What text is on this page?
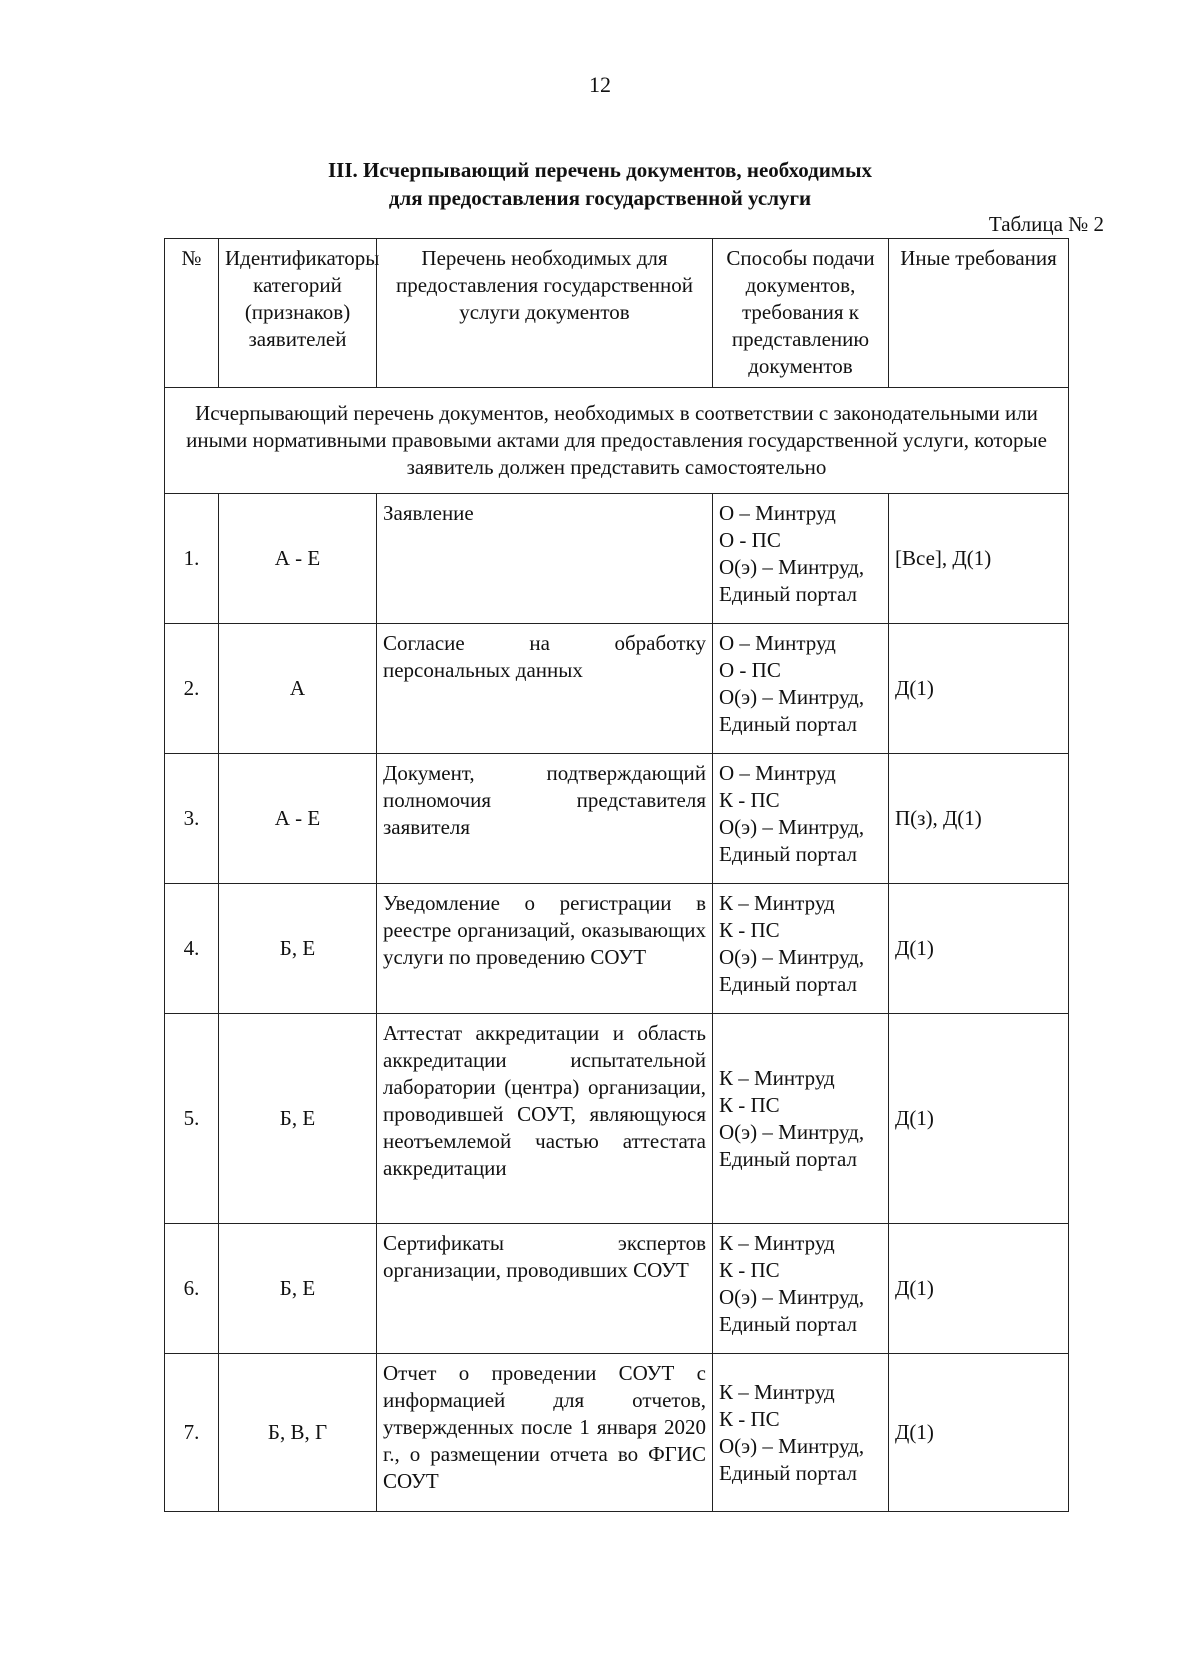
12
III. Исчерпывающий перечень документов, необходимых
для предоставления государственной услуги
Таблица № 2
№	Идентификаторы категорий (признаков) заявителей	Перечень необходимых для предоставления государственной услуги документов	Способы подачи документов, требования к представлению документов	Иные требования
Исчерпывающий перечень документов, необходимых в соответствии с законодательными или иными нормативными правовыми актами для предоставления государственной услуги, которые заявитель должен представить самостоятельно				
1.	А - Е	Заявление	О – Минтруд
О - ПС
О(э) – Минтруд,
Единый портал	[Все], Д(1)
2.	А	Согласие на обработку персональных данных	О – Минтруд
О - ПС
О(э) – Минтруд,
Единый портал	Д(1)
3.	А - Е	Документ, подтверждающий полномочия представителя заявителя	О – Минтруд
К - ПС
О(э) – Минтруд,
Единый портал	П(з), Д(1)
4.	Б, Е	Уведомление о регистрации в реестре организаций, оказывающих услуги по проведению СОУТ	К – Минтруд
К - ПС
О(э) – Минтруд,
Единый портал	Д(1)
5.	Б, Е	Аттестат аккредитации и область аккредитации испытательной лаборатории (центра) организации, проводившей СОУТ, являющуюся неотъемлемой частью аттестата аккредитации	К – Минтруд
К - ПС
О(э) – Минтруд,
Единый портал	Д(1)
6.	Б, Е	Сертификаты экспертов организации, проводивших СОУТ	К – Минтруд
К - ПС
О(э) – Минтруд,
Единый портал	Д(1)
7.	Б, В, Г	Отчет о проведении СОУТ с информацией для отчетов, утвержденных после 1 января 2020 г., о размещении отчета во ФГИС СОУТ	К – Минтруд
К - ПС
О(э) – Минтруд,
Единый портал	Д(1)
